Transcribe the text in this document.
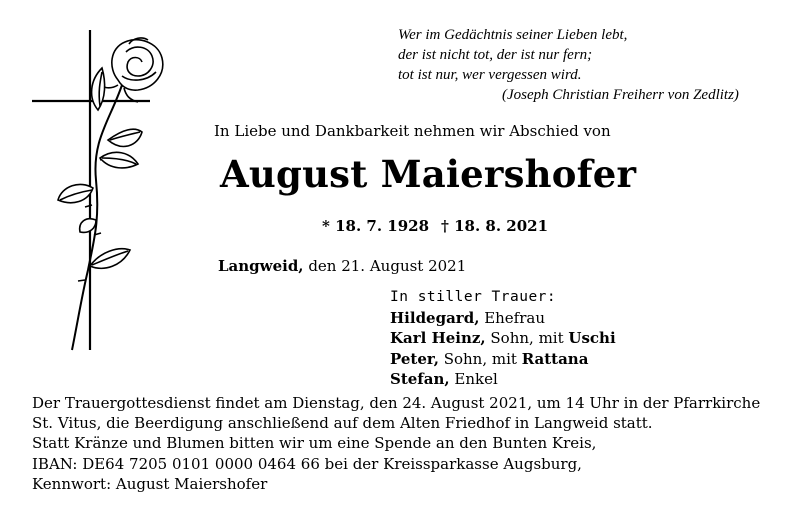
Wer im Gedächtnis seiner Lieben lebt,
der ist nicht tot, der ist nur fern;
tot ist nur, wer vergessen wird.
(Joseph Christian Freiherr von Zedlitz)
In Liebe und Dankbarkeit nehmen wir Abschied von
August Maiershofer
* 18. 7. 1928 † 18. 8. 2021
Langweid, den 21. August 2021
In stiller Trauer:
Hildegard, Ehefrau
Karl Heinz, Sohn, mit Uschi
Peter, Sohn, mit Rattana
Stefan, Enkel
Der Trauergottesdienst findet am Dienstag, den 24. August 2021, um 14 Uhr in der Pfarrkirche
St. Vitus, die Beerdigung anschließend auf dem Alten Friedhof in Langweid statt.
Statt Kränze und Blumen bitten wir um eine Spende an den Bunten Kreis,
IBAN: DE64 7205 0101 0000 0464 66 bei der Kreissparkasse Augsburg,
Kennwort: August Maiershofer
